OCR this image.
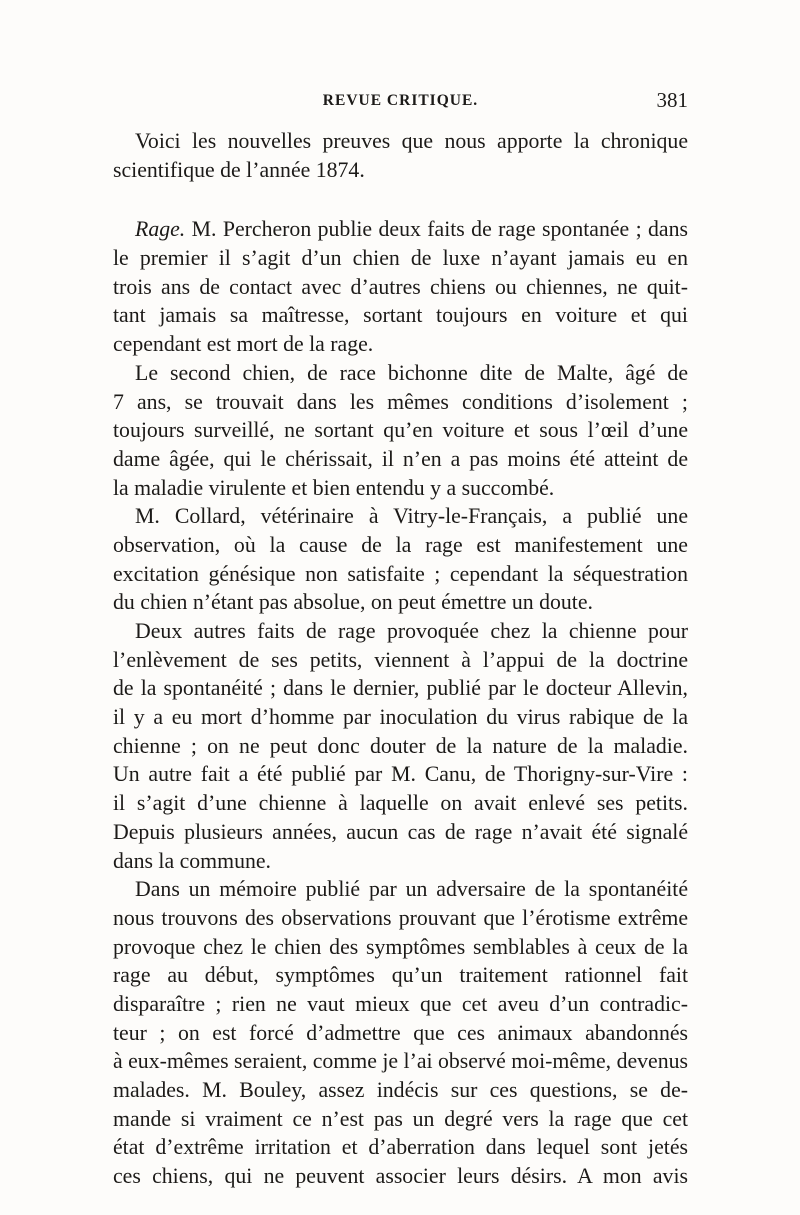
REVUE CRITIQUE.	381
Voici les nouvelles preuves que nous apporte la chronique
scientifique de l’année 1874.
Rage. M. Percheron publie deux faits de rage spontanée ; dans
le premier il s’agit d’un chien de luxe n’ayant jamais eu en
trois ans de contact avec d’autres chiens ou chiennes, ne quit-
tant jamais sa maîtresse, sortant toujours en voiture et qui
cependant est mort de la rage.
Le second chien, de race bichonne dite de Malte, âgé de
7 ans, se trouvait dans les mêmes conditions d’isolement ;
toujours surveillé, ne sortant qu’en voiture et sous l’œil d’une
dame âgée, qui le chérissait, il n’en a pas moins été atteint de
la maladie virulente et bien entendu y a succombé.
M. Collard, vétérinaire à Vitry-le-Français, a publié une
observation, où la cause de la rage est manifestement une
excitation génésique non satisfaite ; cependant la séquestration
du chien n’étant pas absolue, on peut émettre un doute.
Deux autres faits de rage provoquée chez la chienne pour
l’enlèvement de ses petits, viennent à l’appui de la doctrine
de la spontanéité ; dans le dernier, publié par le docteur Allevin,
il y a eu mort d’homme par inoculation du virus rabique de la
chienne ; on ne peut donc douter de la nature de la maladie.
Un autre fait a été publié par M. Canu, de Thorigny-sur-Vire :
il s’agit d’une chienne à laquelle on avait enlevé ses petits.
Depuis plusieurs années, aucun cas de rage n’avait été signalé
dans la commune.
Dans un mémoire publié par un adversaire de la spontanéité
nous trouvons des observations prouvant que l’érotisme extrême
provoque chez le chien des symptômes semblables à ceux de la
rage au début, symptômes qu’un traitement rationnel fait
disparaître ; rien ne vaut mieux que cet aveu d’un contradic-
teur ; on est forcé d’admettre que ces animaux abandonnés
à eux-mêmes seraient, comme je l’ai observé moi-même, devenus
malades. M. Bouley, assez indécis sur ces questions, se de-
mande si vraiment ce n’est pas un degré vers la rage que cet
état d’extrême irritation et d’aberration dans lequel sont jetés
ces chiens, qui ne peuvent associer leurs désirs. A mon avis
